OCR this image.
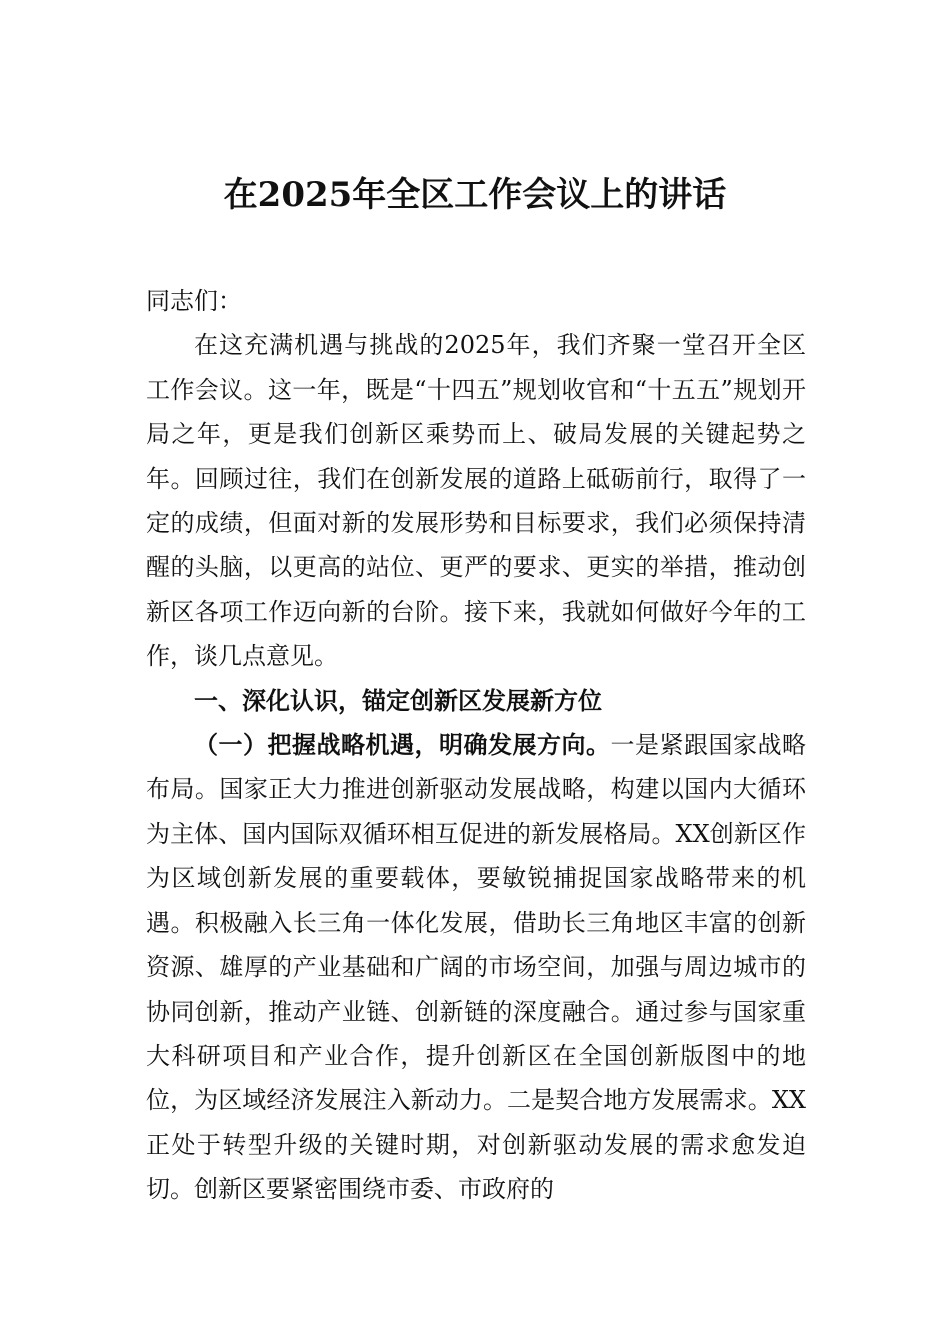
在2025年全区工作会议上的讲话

同志们：

在这充满机遇与挑战的2025年，我们齐聚一堂召开全区工作会议。这一年，既是“十四五”规划收官和“十五五”规划开局之年，更是我们创新区乘势而上、破局发展的关键起势之年。回顾过往，我们在创新发展的道路上砥砺前行，取得了一定的成绩，但面对新的发展形势和目标要求，我们必须保持清醒的头脑，以更高的站位、更严的要求、更实的举措，推动创新区各项工作迈向新的台阶。接下来，我就如何做好今年的工作，谈几点意见。

一、深化认识，锚定创新区发展新方位

（一）把握战略机遇，明确发展方向。一是紧跟国家战略布局。国家正大力推进创新驱动发展战略，构建以国内大循环为主体、国内国际双循环相互促进的新发展格局。XX创新区作为区域创新发展的重要载体，要敏锐捕捉国家战略带来的机遇。积极融入长三角一体化发展，借助长三角地区丰富的创新资源、雄厚的产业基础和广阔的市场空间，加强与周边城市的协同创新，推动产业链、创新链的深度融合。通过参与国家重大科研项目和产业合作，提升创新区在全国创新版图中的地位，为区域经济发展注入新动力。二是契合地方发展需求。XX正处于转型升级的关键时期，对创新驱动发展的需求愈发迫切。创新区要紧密围绕市委、市政府的
